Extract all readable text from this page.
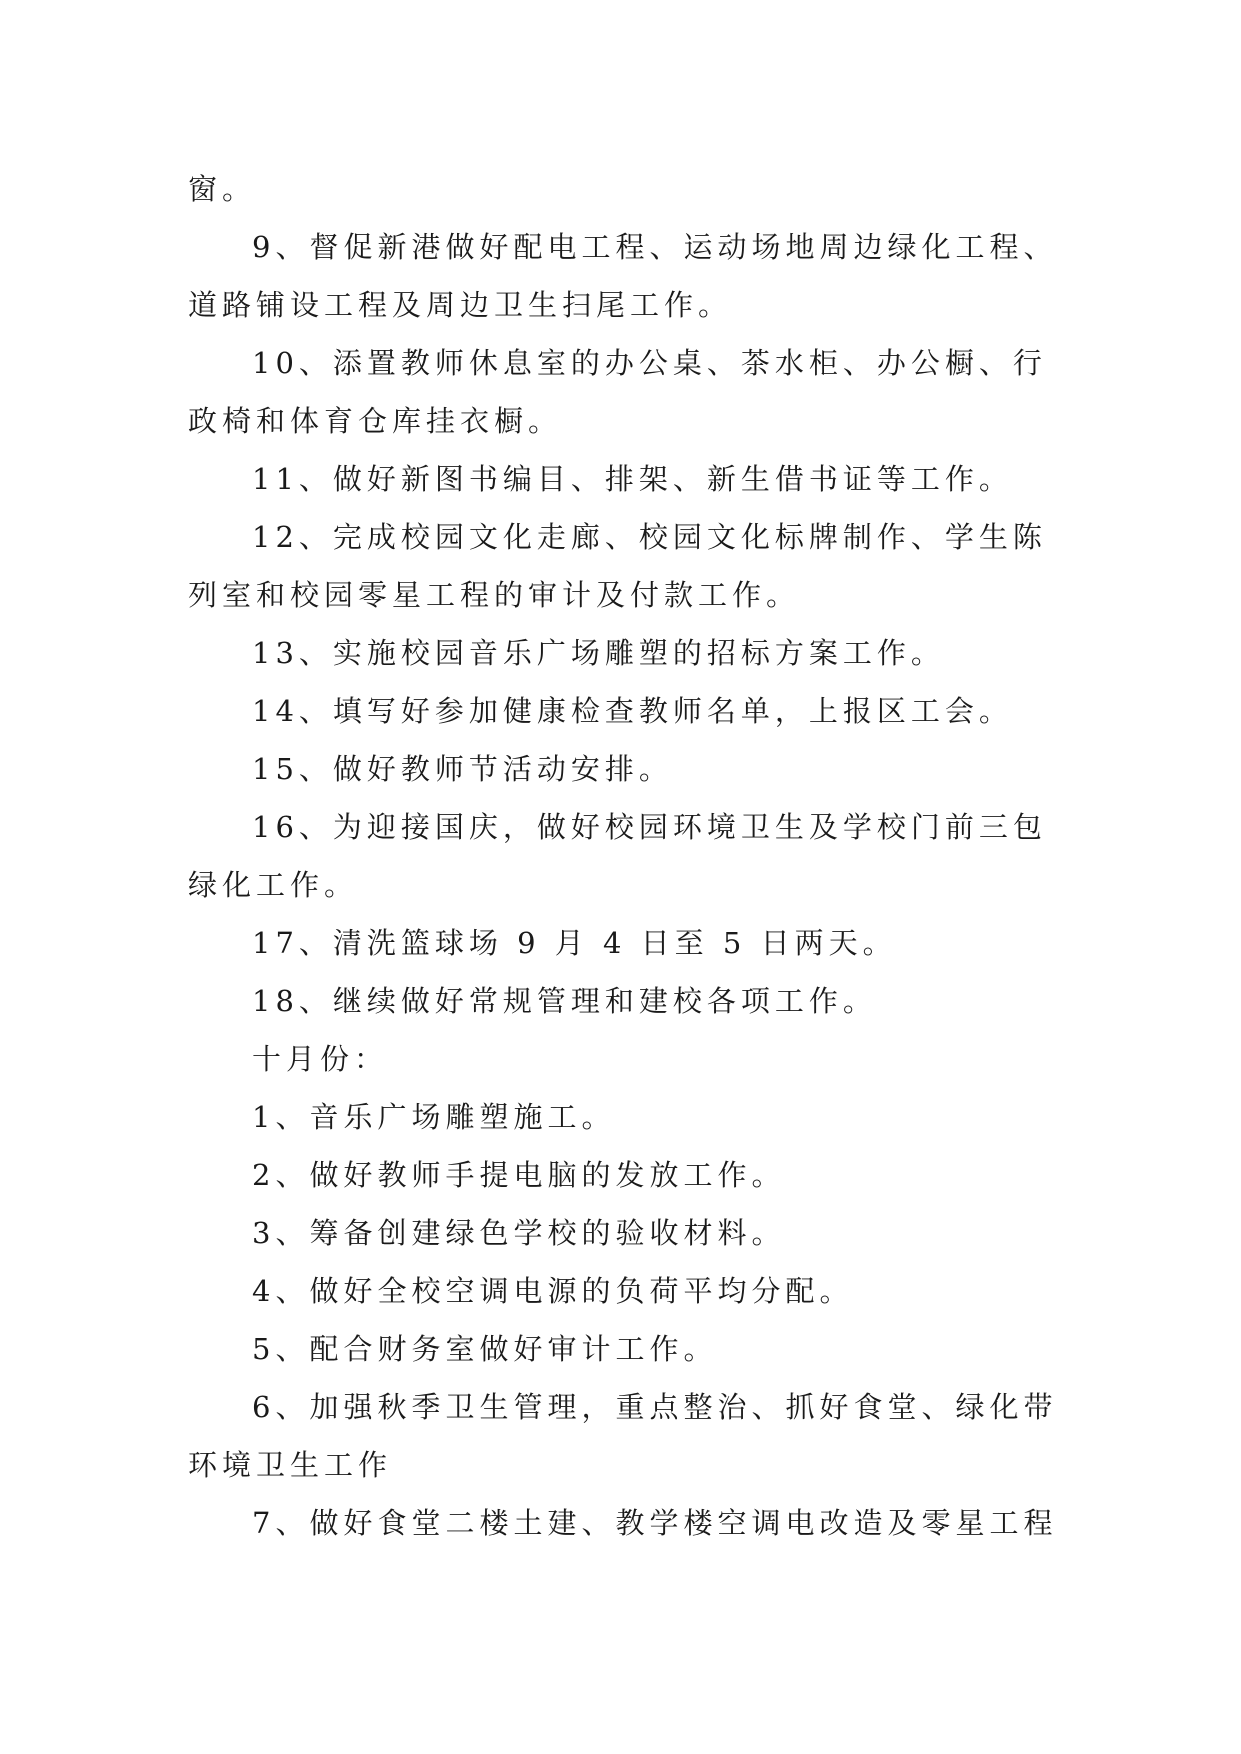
窗。

9、督促新港做好配电工程、运动场地周边绿化工程、道路铺设工程及周边卫生扫尾工作。

10、添置教师休息室的办公桌、茶水柜、办公橱、行政椅和体育仓库挂衣橱。

11、做好新图书编目、排架、新生借书证等工作。

12、完成校园文化走廊、校园文化标牌制作、学生陈列室和校园零星工程的审计及付款工作。

13、实施校园音乐广场雕塑的招标方案工作。

14、填写好参加健康检查教师名单，上报区工会。

15、做好教师节活动安排。

16、为迎接国庆，做好校园环境卫生及学校门前三包绿化工作。

17、清洗篮球场 9 月 4 日至 5 日两天。

18、继续做好常规管理和建校各项工作。

十月份：

1、音乐广场雕塑施工。

2、做好教师手提电脑的发放工作。

3、筹备创建绿色学校的验收材料。

4、做好全校空调电源的负荷平均分配。

5、配合财务室做好审计工作。

6、加强秋季卫生管理，重点整治、抓好食堂、绿化带环境卫生工作

7、做好食堂二楼土建、教学楼空调电改造及零星工程
